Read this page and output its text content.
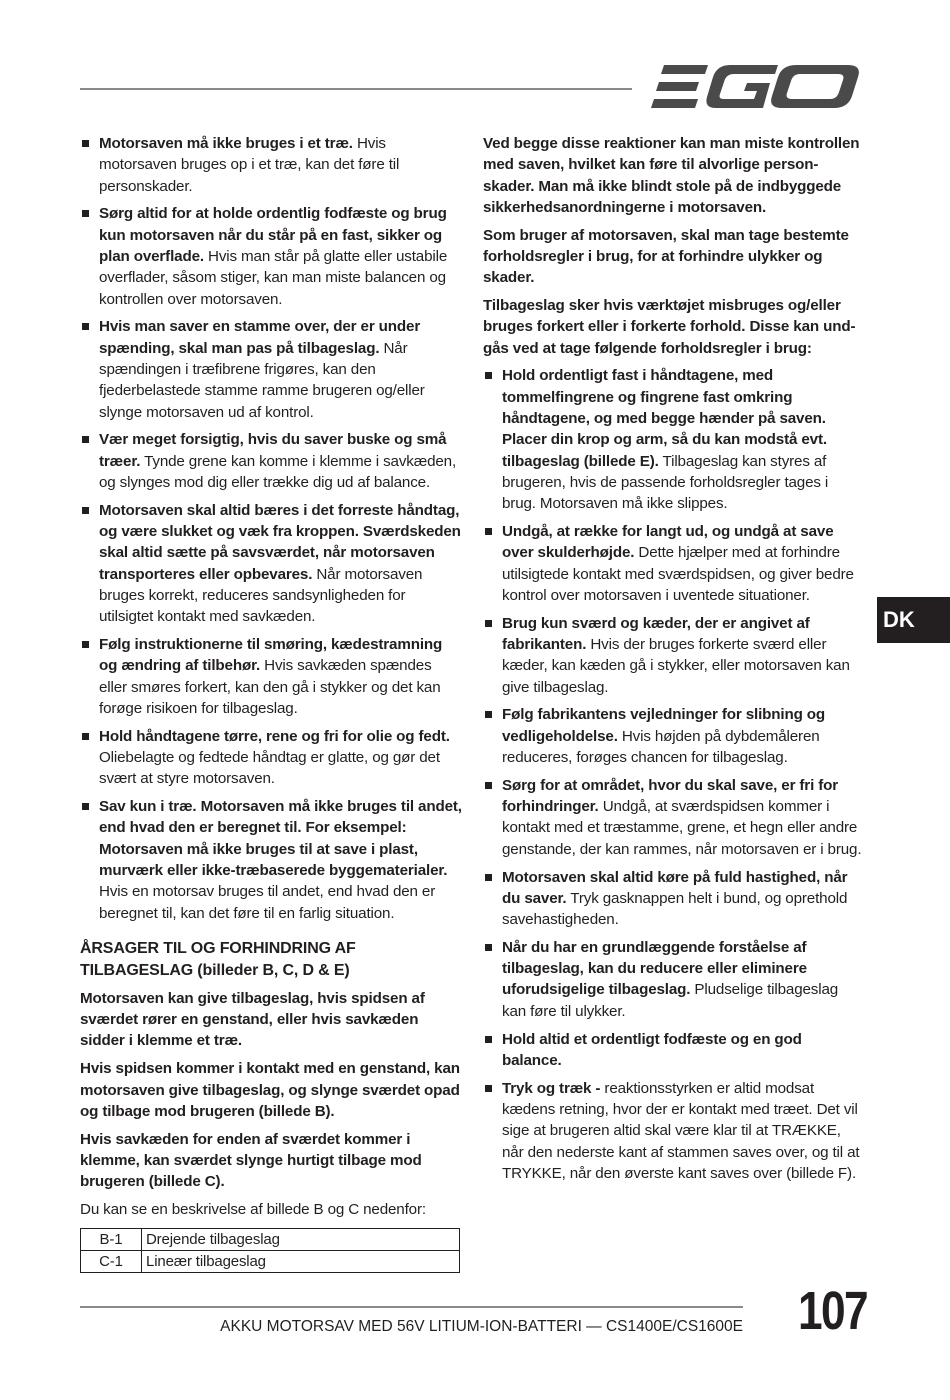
Motorsaven må ikke bruges i et træ. Hvis motorsaven bruges op i et træ, kan det føre til personskader.
Sørg altid for at holde ordentlig fodfæste og brug kun motorsaven når du står på en fast, sikker og plan overflade. Hvis man står på glatte eller ustabile overflader, såsom stiger, kan man miste balancen og kontrollen over motorsaven.
Hvis man saver en stamme over, der er under spænding, skal man pas på tilbageslag. Når spændingen i træfibrene frigøres, kan den fjederbelastede stamme ramme brugeren og/eller slynge motorsaven ud af kontrol.
Vær meget forsigtig, hvis du saver buske og små træer. Tynde grene kan komme i klemme i savkæden, og slynges mod dig eller trække dig ud af balance.
Motorsaven skal altid bæres i det forreste håndtag, og være slukket og væk fra kroppen. Sværdskeden skal altid sætte på savsværdet, når motorsaven transporteres eller opbevares. Når motorsaven bruges korrekt, reduceres sandsynligheden for utilsigtet kontakt med savkæden.
Følg instruktionerne til smøring, kædestramning og ændring af tilbehør. Hvis savkæden spændes eller smøres forkert, kan den gå i stykker og det kan forøge risikoen for tilbageslag.
Hold håndtagene tørre, rene og fri for olie og fedt. Oliebelagte og fedtede håndtag er glatte, og gør det svært at styre motorsaven.
Sav kun i træ. Motorsaven må ikke bruges til andet, end hvad den er beregnet til. For eksempel: Motorsaven må ikke bruges til at save i plast, murværk eller ikke-træbaserede byggematerialer. Hvis en motorsav bruges til andet, end hvad den er beregnet til, kan det føre til en farlig situation.
ÅRSAGER TIL OG FORHINDRING AF TILBAGESLAG (billeder B, C, D & E)

Motorsaven kan give tilbageslag, hvis spidsen af sværdet rører en genstand, eller hvis savkæden sidder i klemme et træ.

Hvis spidsen kommer i kontakt med en genstand, kan motorsaven give tilbageslag, og slynge sværdet opad og tilbage mod brugeren (billede B).

Hvis savkæden for enden af sværdet kommer i klemme, kan sværdet slynge hurtigt tilbage mod brugeren (billede C).

Du kan se en beskrivelse af billede B og C nedenfor:

B-1	Drejende tilbageslag
C-1	Lineær tilbageslag

Ved begge disse reaktioner kan man miste kontrollen med saven, hvilket kan føre til alvorlige person-skader. Man må ikke blindt stole på de indbyggede sikkerhedsanordningerne i motorsaven.

Som bruger af motorsaven, skal man tage bestemte forholdsregler i brug, for at forhindre ulykker og skader.

Tilbageslag sker hvis værktøjet misbruges og/eller bruges forkert eller i forkerte forhold. Disse kan und-gås ved at tage følgende forholdsregler i brug:

Hold ordentligt fast i håndtagene, med tommelfingrene og fingrene fast omkring håndtagene, og med begge hænder på saven. Placer din krop og arm, så du kan modstå evt. tilbageslag (billede E). Tilbageslag kan styres af brugeren, hvis de passende forholdsregler tages i brug. Motorsaven må ikke slippes.
Undgå, at række for langt ud, og undgå at save over skulderhøjde. Dette hjælper med at forhindre utilsigtede kontakt med sværdspidsen, og giver bedre kontrol over motorsaven i uventede situationer.
Brug kun sværd og kæder, der er angivet af fabrikanten. Hvis der bruges forkerte sværd eller kæder, kan kæden gå i stykker, eller motorsaven kan give tilbageslag.
Følg fabrikantens vejledninger for slibning og vedligeholdelse. Hvis højden på dybdemåleren reduceres, forøges chancen for tilbageslag.
Sørg for at området, hvor du skal save, er fri for forhindringer. Undgå, at sværdspidsen kommer i kontakt med et træstamme, grene, et hegn eller andre genstande, der kan rammes, når motorsaven er i brug.
Motorsaven skal altid køre på fuld hastighed, når du saver. Tryk gasknappen helt i bund, og oprethold savehastigheden.
Når du har en grundlæggende forståelse af tilbageslag, kan du reducere eller eliminere uforudsigelige tilbageslag. Pludselige tilbageslag kan føre til ulykker.
Hold altid et ordentligt fodfæste og en god balance.
Tryk og træk - reaktionsstyrken er altid modsat kædens retning, hvor der er kontakt med træet. Det vil sige at brugeren altid skal være klar til at TRÆKKE, når den nederste kant af stammen saves over, og til at TRYKKE, når den øverste kant saves over (billede F).
DK
AKKU MOTORSAV MED 56V LITIUM-ION-BATTERI — CS1400E/CS1600E 107
